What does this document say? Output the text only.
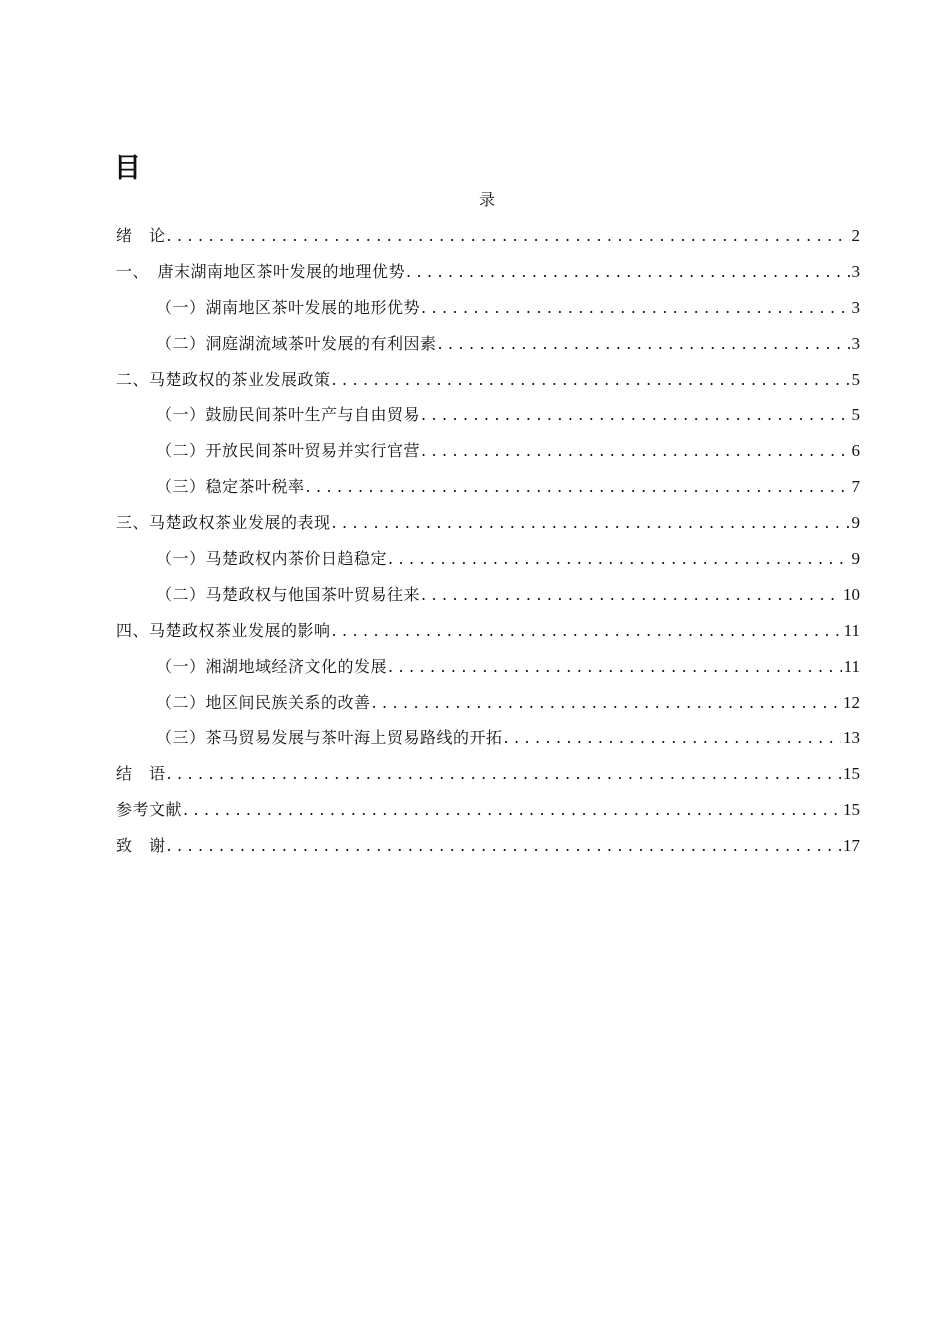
目
录
绪　论 .....	2
一、　唐末湖南地区茶叶发展的地理优势 .....	3
（一）湖南地区茶叶发展的地形优势 .....	3
（二）洞庭湖流域茶叶发展的有利因素 .....	3
二、马楚政权的茶业发展政策 .....	5
（一）鼓励民间茶叶生产与自由贸易 .....	5
（二）开放民间茶叶贸易并实行官营 .....	6
（三）稳定茶叶税率 .....	7
三、马楚政权茶业发展的表现 .....	9
（一）马楚政权内茶价日趋稳定 .....	9
（二）马楚政权与他国茶叶贸易往来 .....	10
四、马楚政权茶业发展的影响 .....	11
（一）湘湖地域经济文化的发展 .....	11
（二）地区间民族关系的改善 .....	12
（三）茶马贸易发展与茶叶海上贸易路线的开拓 .....	13
结　语 .....	15
参考文献 .....	15
致　谢 .....	17
